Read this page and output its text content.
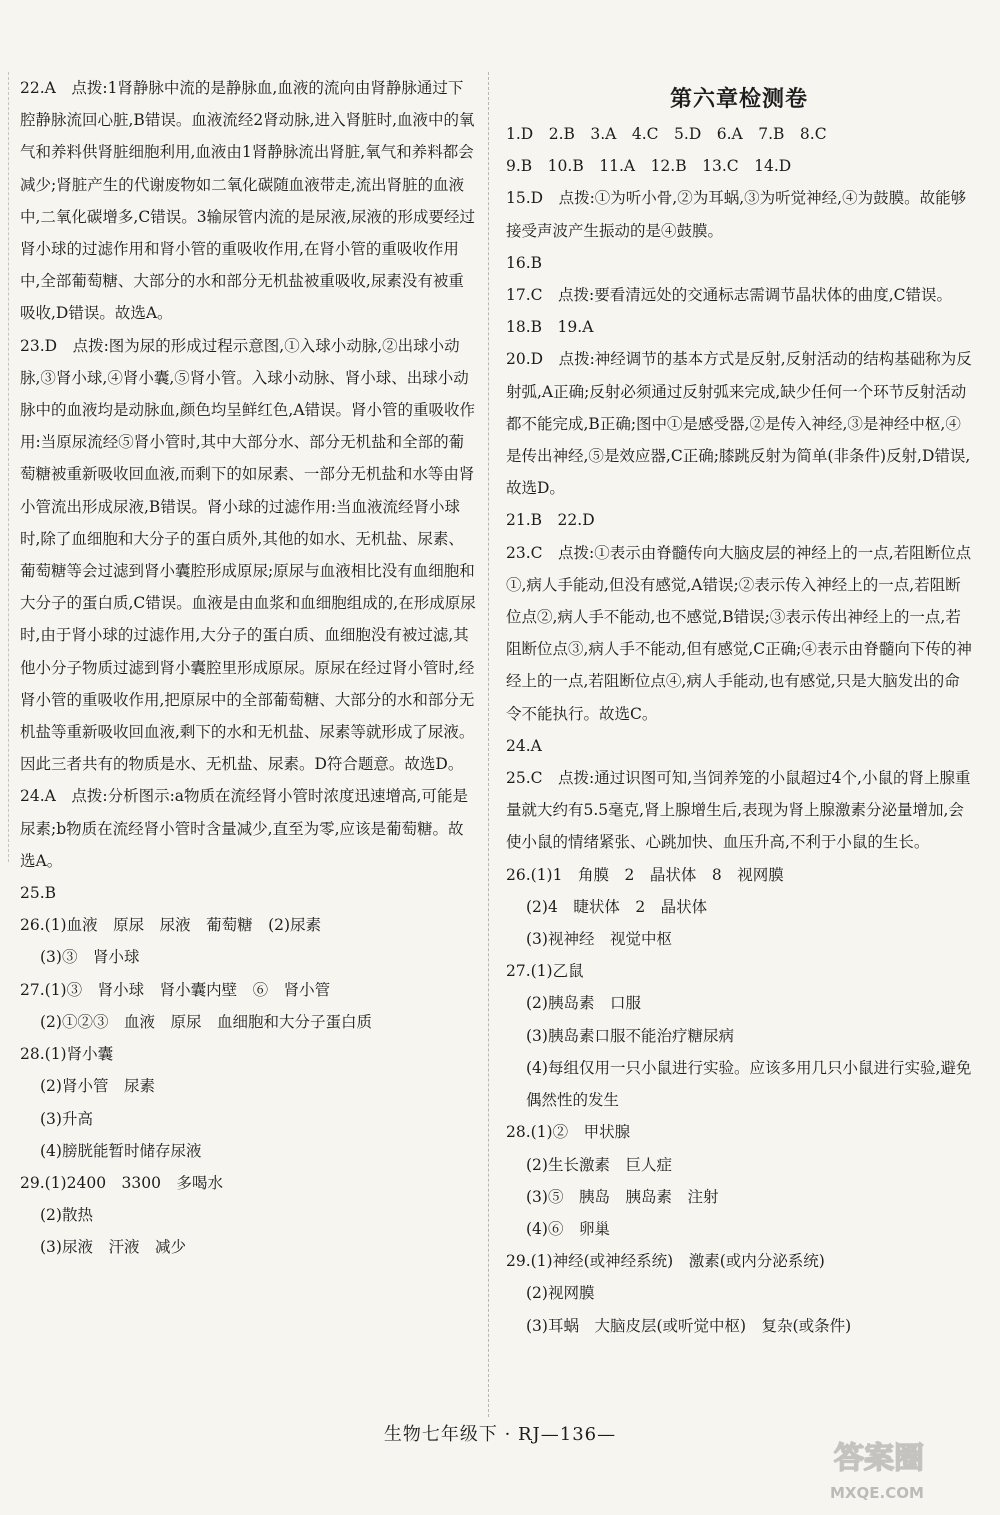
22.A　点拨:1肾静脉中流的是静脉血,血液的流向由肾静脉通过下腔静脉流回心脏,B错误。血液流经2肾动脉,进入肾脏时,血液中的氧气和养料供肾脏细胞利用,血液由1肾静脉流出肾脏,氧气和养料都会减少;肾脏产生的代谢废物如二氧化碳随血液带走,流出肾脏的血液中,二氧化碳增多,C错误。3输尿管内流的是尿液,尿液的形成要经过肾小球的过滤作用和肾小管的重吸收作用,在肾小管的重吸收作用中,全部葡萄糖、大部分的水和部分无机盐被重吸收,尿素没有被重吸收,D错误。故选A。

23.D　点拨:图为尿的形成过程示意图,①入球小动脉,②出球小动脉,③肾小球,④肾小囊,⑤肾小管。入球小动脉、肾小球、出球小动脉中的血液均是动脉血,颜色均呈鲜红色,A错误。肾小管的重吸收作用:当原尿流经⑤肾小管时,其中大部分水、部分无机盐和全部的葡萄糖被重新吸收回血液,而剩下的如尿素、一部分无机盐和水等由肾小管流出形成尿液,B错误。肾小球的过滤作用:当血液流经肾小球时,除了血细胞和大分子的蛋白质外,其他的如水、无机盐、尿素、葡萄糖等会过滤到肾小囊腔形成原尿;原尿与血液相比没有血细胞和大分子的蛋白质,C错误。血液是由血浆和血细胞组成的,在形成原尿时,由于肾小球的过滤作用,大分子的蛋白质、血细胞没有被过滤,其他小分子物质过滤到肾小囊腔里形成原尿。原尿在经过肾小管时,经肾小管的重吸收作用,把原尿中的全部葡萄糖、大部分的水和部分无机盐等重新吸收回血液,剩下的水和无机盐、尿素等就形成了尿液。因此三者共有的物质是水、无机盐、尿素。D符合题意。故选D。

24.A　点拨:分析图示:a物质在流经肾小管时浓度迅速增高,可能是尿素;b物质在流经肾小管时含量减少,直至为零,应该是葡萄糖。故选A。

25.B

26.(1)血液　原尿　尿液　葡萄糖　(2)尿素

(3)③　肾小球

27.(1)③　肾小球　肾小囊内壁　⑥　肾小管

(2)①②③　血液　原尿　血细胞和大分子蛋白质

28.(1)肾小囊

(2)肾小管　尿素

(3)升高

(4)膀胱能暂时储存尿液

29.(1)2400　3300　多喝水

(2)散热

(3)尿液　汗液　减少

第六章检测卷

1.D　2.B　3.A　4.C　5.D　6.A　7.B　8.C

9.B　10.B　11.A　12.B　13.C　14.D

15.D　点拨:①为听小骨,②为耳蜗,③为听觉神经,④为鼓膜。故能够接受声波产生振动的是④鼓膜。

16.B

17.C　点拨:要看清远处的交通标志需调节晶状体的曲度,C错误。

18.B　19.A

20.D　点拨:神经调节的基本方式是反射,反射活动的结构基础称为反射弧,A正确;反射必须通过反射弧来完成,缺少任何一个环节反射活动都不能完成,B正确;图中①是感受器,②是传入神经,③是神经中枢,④是传出神经,⑤是效应器,C正确;膝跳反射为简单(非条件)反射,D错误,故选D。

21.B　22.D

23.C　点拨:①表示由脊髓传向大脑皮层的神经上的一点,若阻断位点①,病人手能动,但没有感觉,A错误;②表示传入神经上的一点,若阻断位点②,病人手不能动,也不感觉,B错误;③表示传出神经上的一点,若阻断位点③,病人手不能动,但有感觉,C正确;④表示由脊髓向下传的神经上的一点,若阻断位点④,病人手能动,也有感觉,只是大脑发出的命令不能执行。故选C。

24.A

25.C　点拨:通过识图可知,当饲养笼的小鼠超过4个,小鼠的肾上腺重量就大约有5.5毫克,肾上腺增生后,表现为肾上腺激素分泌量增加,会使小鼠的情绪紧张、心跳加快、血压升高,不利于小鼠的生长。

26.(1)1　角膜　2　晶状体　8　视网膜

(2)4　睫状体　2　晶状体

(3)视神经　视觉中枢

27.(1)乙鼠

(2)胰岛素　口服

(3)胰岛素口服不能治疗糖尿病

(4)每组仅用一只小鼠进行实验。应该多用几只小鼠进行实验,避免偶然性的发生

28.(1)②　甲状腺

(2)生长激素　巨人症

(3)⑤　胰岛　胰岛素　注射

(4)⑥　卵巢

29.(1)神经(或神经系统)　激素(或内分泌系统)

(2)视网膜

(3)耳蜗　大脑皮层(或听觉中枢)　复杂(或条件)

生物七年级下 · RJ—136—
答案圈
MXQE.COM
